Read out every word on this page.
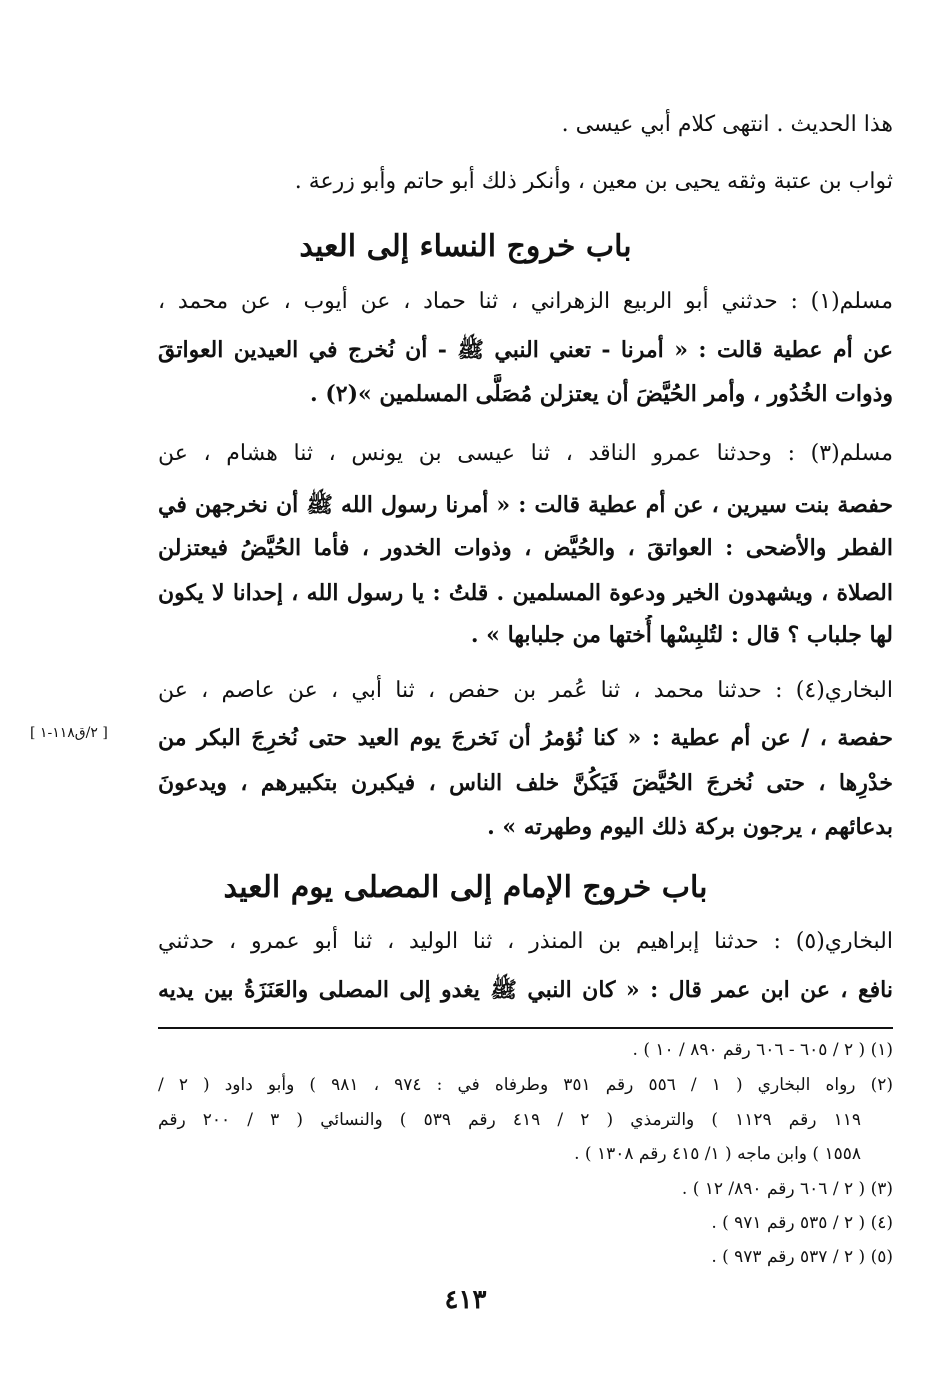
هذا الحديث . انتهى كلام أبي عيسى .
ثواب بن عتبة وثقه يحيى بن معين ، وأنكر ذلك أبو حاتم وأبو زرعة .
باب خروج النساء إلى العيد
مسلم(١) : حدثني أبو الربيع الزهراني ، ثنا حماد ، عن أيوب ، عن محمد ،
عن أم عطية قالت : « أمرنا - تعني النبي ﷺ - أن نُخرج في العيدين العواتقَ
وذوات الخُدُور ، وأمر الحُيَّضَ أن يعتزلن مُصَلَّى المسلمين »(٢) .
مسلم(٣) : وحدثنا عمرو الناقد ، ثنا عيسى بن يونس ، ثنا هشام ، عن
حفصة بنت سيرين ، عن أم عطية قالت : « أمرنا رسول الله ﷺ أن نخرجهن في
الفطر والأضحى : العواتقَ ، والحُيَّض ، وذوات الخدور ، فأما الحُيَّضُ فيعتزلن
الصلاة ، ويشهدون الخير ودعوة المسلمين . قلتُ : يا رسول الله ، إحدانا لا يكون
لها جلباب ؟ قال : لتُلبِسْها أُختها من جلبابها » .
البخاري(٤) : حدثنا محمد ، ثنا عُمر بن حفص ، ثنا أبي ، عن عاصم ، عن
حفصة ، / عن أم عطية : « كنا نُؤمرُ أن نَخرجَ يوم العيد حتى نُخرِجَ البكر من
خدْرِها ، حتى نُخرجَ الحُيَّضَ فَيَكُنَّ خلف الناس ، فيكبرن بتكبيرهم ، ويدعونَ
بدعائهم ، يرجون بركة ذلك اليوم وطهرته » .
[ ٢/ق١١٨-١ ]
باب خروج الإمام إلى المصلى يوم العيد
البخاري(٥) : حدثنا إبراهيم بن المنذر ، ثنا الوليد ، ثنا أبو عمرو ، حدثني
نافع ، عن ابن عمر قال : « كان النبي ﷺ يغدو إلى المصلى والعَنَزَةُ بين يديه
(١) ( ٢ / ٦٠٥ - ٦٠٦ رقم ٨٩٠ / ١٠ ) .
(٢) رواه البخاري ( ١ / ٥٥٦ رقم ٣٥١ وطرفاه في : ٩٧٤ ، ٩٨١ ) وأبو داود ( ٢ /
١١٩ رقم ١١٢٩ ) والترمذي ( ٢ / ٤١٩ رقم ٥٣٩ ) والنسائي ( ٣ / ٢٠٠ رقم
١٥٥٨ ) وابن ماجه ( ١/ ٤١٥ رقم ١٣٠٨ ) .
(٣) ( ٢ / ٦٠٦ رقم ٨٩٠/ ١٢ ) .
(٤) ( ٢ / ٥٣٥ رقم ٩٧١ ) .
(٥) ( ٢ / ٥٣٧ رقم ٩٧٣ ) .
٤١٣
